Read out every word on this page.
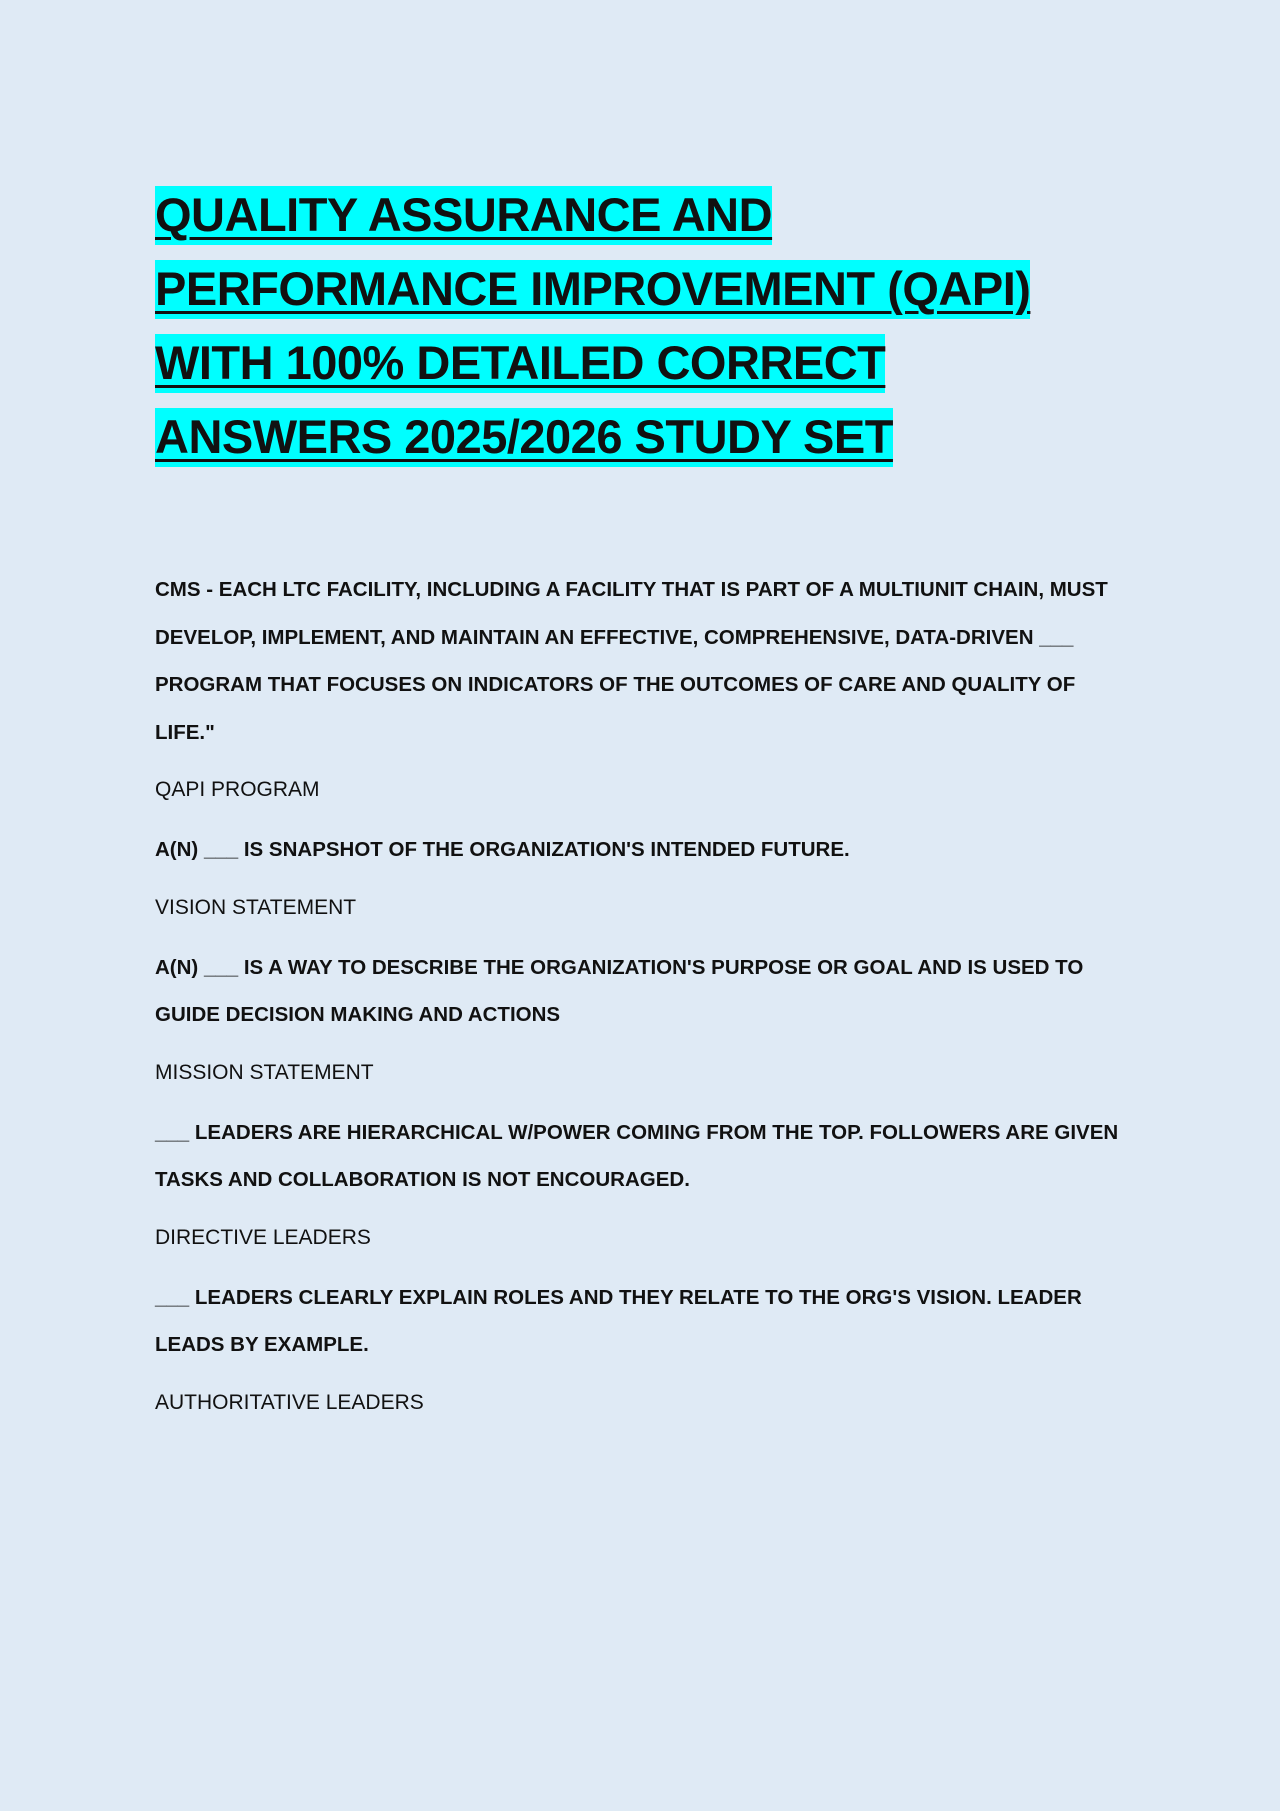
QUALITY ASSURANCE AND
PERFORMANCE IMPROVEMENT (QAPI)
WITH 100% DETAILED CORRECT
ANSWERS 2025/2026 STUDY SET

CMS - EACH LTC FACILITY, INCLUDING A FACILITY THAT IS PART OF A MULTIUNIT CHAIN, MUST DEVELOP, IMPLEMENT, AND MAINTAIN AN EFFECTIVE, COMPREHENSIVE, DATA-DRIVEN ___ PROGRAM THAT FOCUSES ON INDICATORS OF THE OUTCOMES OF CARE AND QUALITY OF LIFE."

QAPI PROGRAM

A(N) ___ IS SNAPSHOT OF THE ORGANIZATION'S INTENDED FUTURE.

VISION STATEMENT

A(N) ___ IS A WAY TO DESCRIBE THE ORGANIZATION'S PURPOSE OR GOAL AND IS USED TO GUIDE DECISION MAKING AND ACTIONS

MISSION STATEMENT

___ LEADERS ARE HIERARCHICAL W/POWER COMING FROM THE TOP. FOLLOWERS ARE GIVEN TASKS AND COLLABORATION IS NOT ENCOURAGED.

DIRECTIVE LEADERS

___ LEADERS CLEARLY EXPLAIN ROLES AND THEY RELATE TO THE ORG'S VISION. LEADER LEADS BY EXAMPLE.

AUTHORITATIVE LEADERS
